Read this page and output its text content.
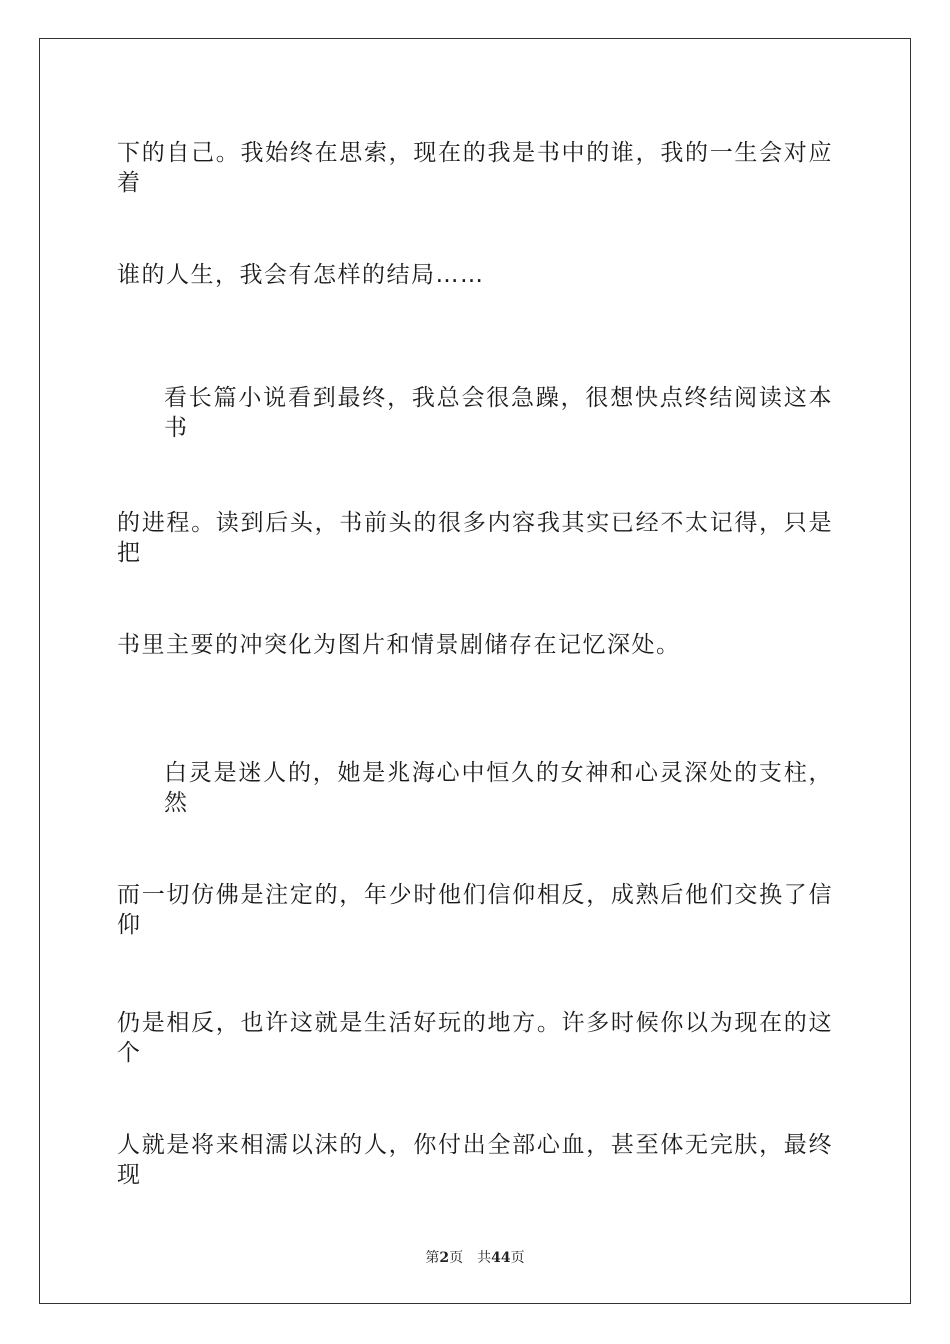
下的自己。我始终在思索，现在的我是书中的谁，我的一生会对应着
谁的人生，我会有怎样的结局……
看长篇小说看到最终，我总会很急躁，很想快点终结阅读这本书
的进程。读到后头，书前头的很多内容我其实已经不太记得，只是把
书里主要的冲突化为图片和情景剧储存在记忆深处。
白灵是迷人的，她是兆海心中恒久的女神和心灵深处的支柱，然
而一切仿佛是注定的，年少时他们信仰相反，成熟后他们交换了信仰
仍是相反，也许这就是生活好玩的地方。许多时候你以为现在的这个
人就是将来相濡以沫的人，你付出全部心血，甚至体无完肤，最终现
第2页 共44页
